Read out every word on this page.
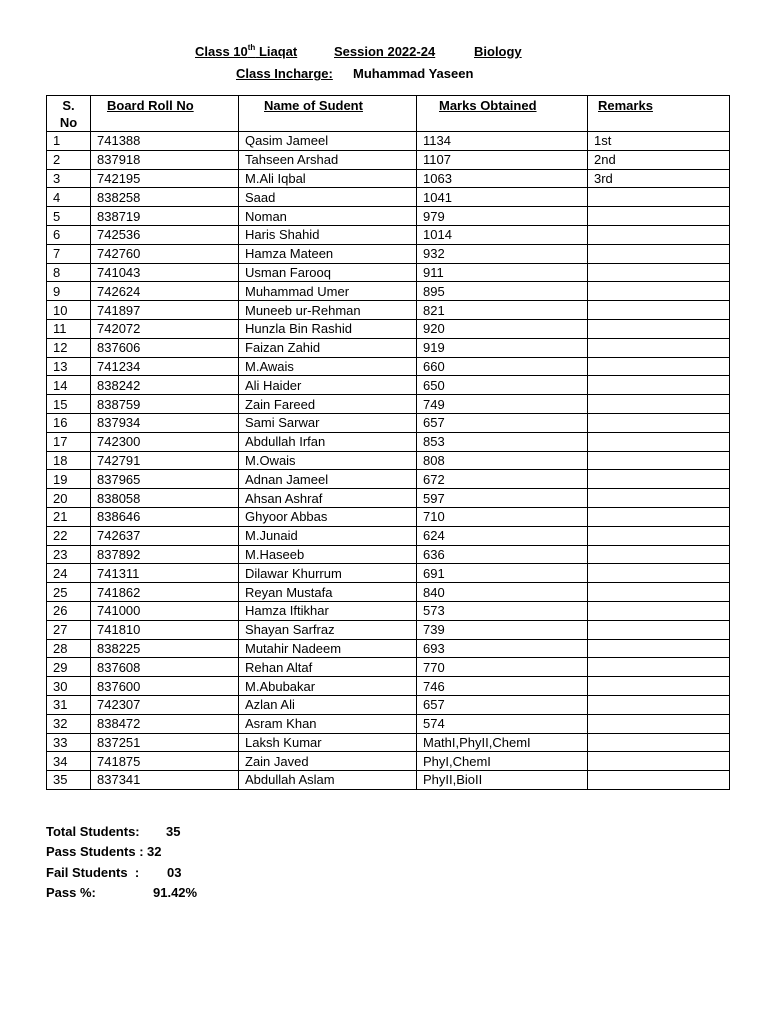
Class 10th Liaqat	Session 2022-24	Biology
Class Incharge: Muhammad Yaseen
S.
No	Board Roll No	Name of Sudent	Marks Obtained	Remarks
1	741388	Qasim Jameel	1134	1st
2	837918	Tahseen Arshad	1107	2nd
3	742195	M.Ali Iqbal	1063	3rd
4	838258	Saad	1041	
5	838719	Noman	979	
6	742536	Haris Shahid	1014	
7	742760	Hamza Mateen	932	
8	741043	Usman Farooq	911	
9	742624	Muhammad Umer	895	
10	741897	Muneeb ur-Rehman	821	
11	742072	Hunzla Bin Rashid	920	
12	837606	Faizan Zahid	919	
13	741234	M.Awais	660	
14	838242	Ali Haider	650	
15	838759	Zain Fareed	749	
16	837934	Sami Sarwar	657	
17	742300	Abdullah Irfan	853	
18	742791	M.Owais	808	
19	837965	Adnan Jameel	672	
20	838058	Ahsan Ashraf	597	
21	838646	Ghyoor Abbas	710	
22	742637	M.Junaid	624	
23	837892	M.Haseeb	636	
24	741311	Dilawar Khurrum	691	
25	741862	Reyan Mustafa	840	
26	741000	Hamza Iftikhar	573	
27	741810	Shayan Sarfraz	739	
28	838225	Mutahir Nadeem	693	
29	837608	Rehan Altaf	770	
30	837600	M.Abubakar	746	
31	742307	Azlan Ali	657	
32	838472	Asram Khan	574	
33	837251	Laksh Kumar	MathI,PhyII,ChemI	
34	741875	Zain Javed	PhyI,ChemI	
35	837341	Abdullah Aslam	PhyII,BioII	
Total Students: 35
Pass Students : 32
Fail Students  : 03
Pass %:	91.42%
